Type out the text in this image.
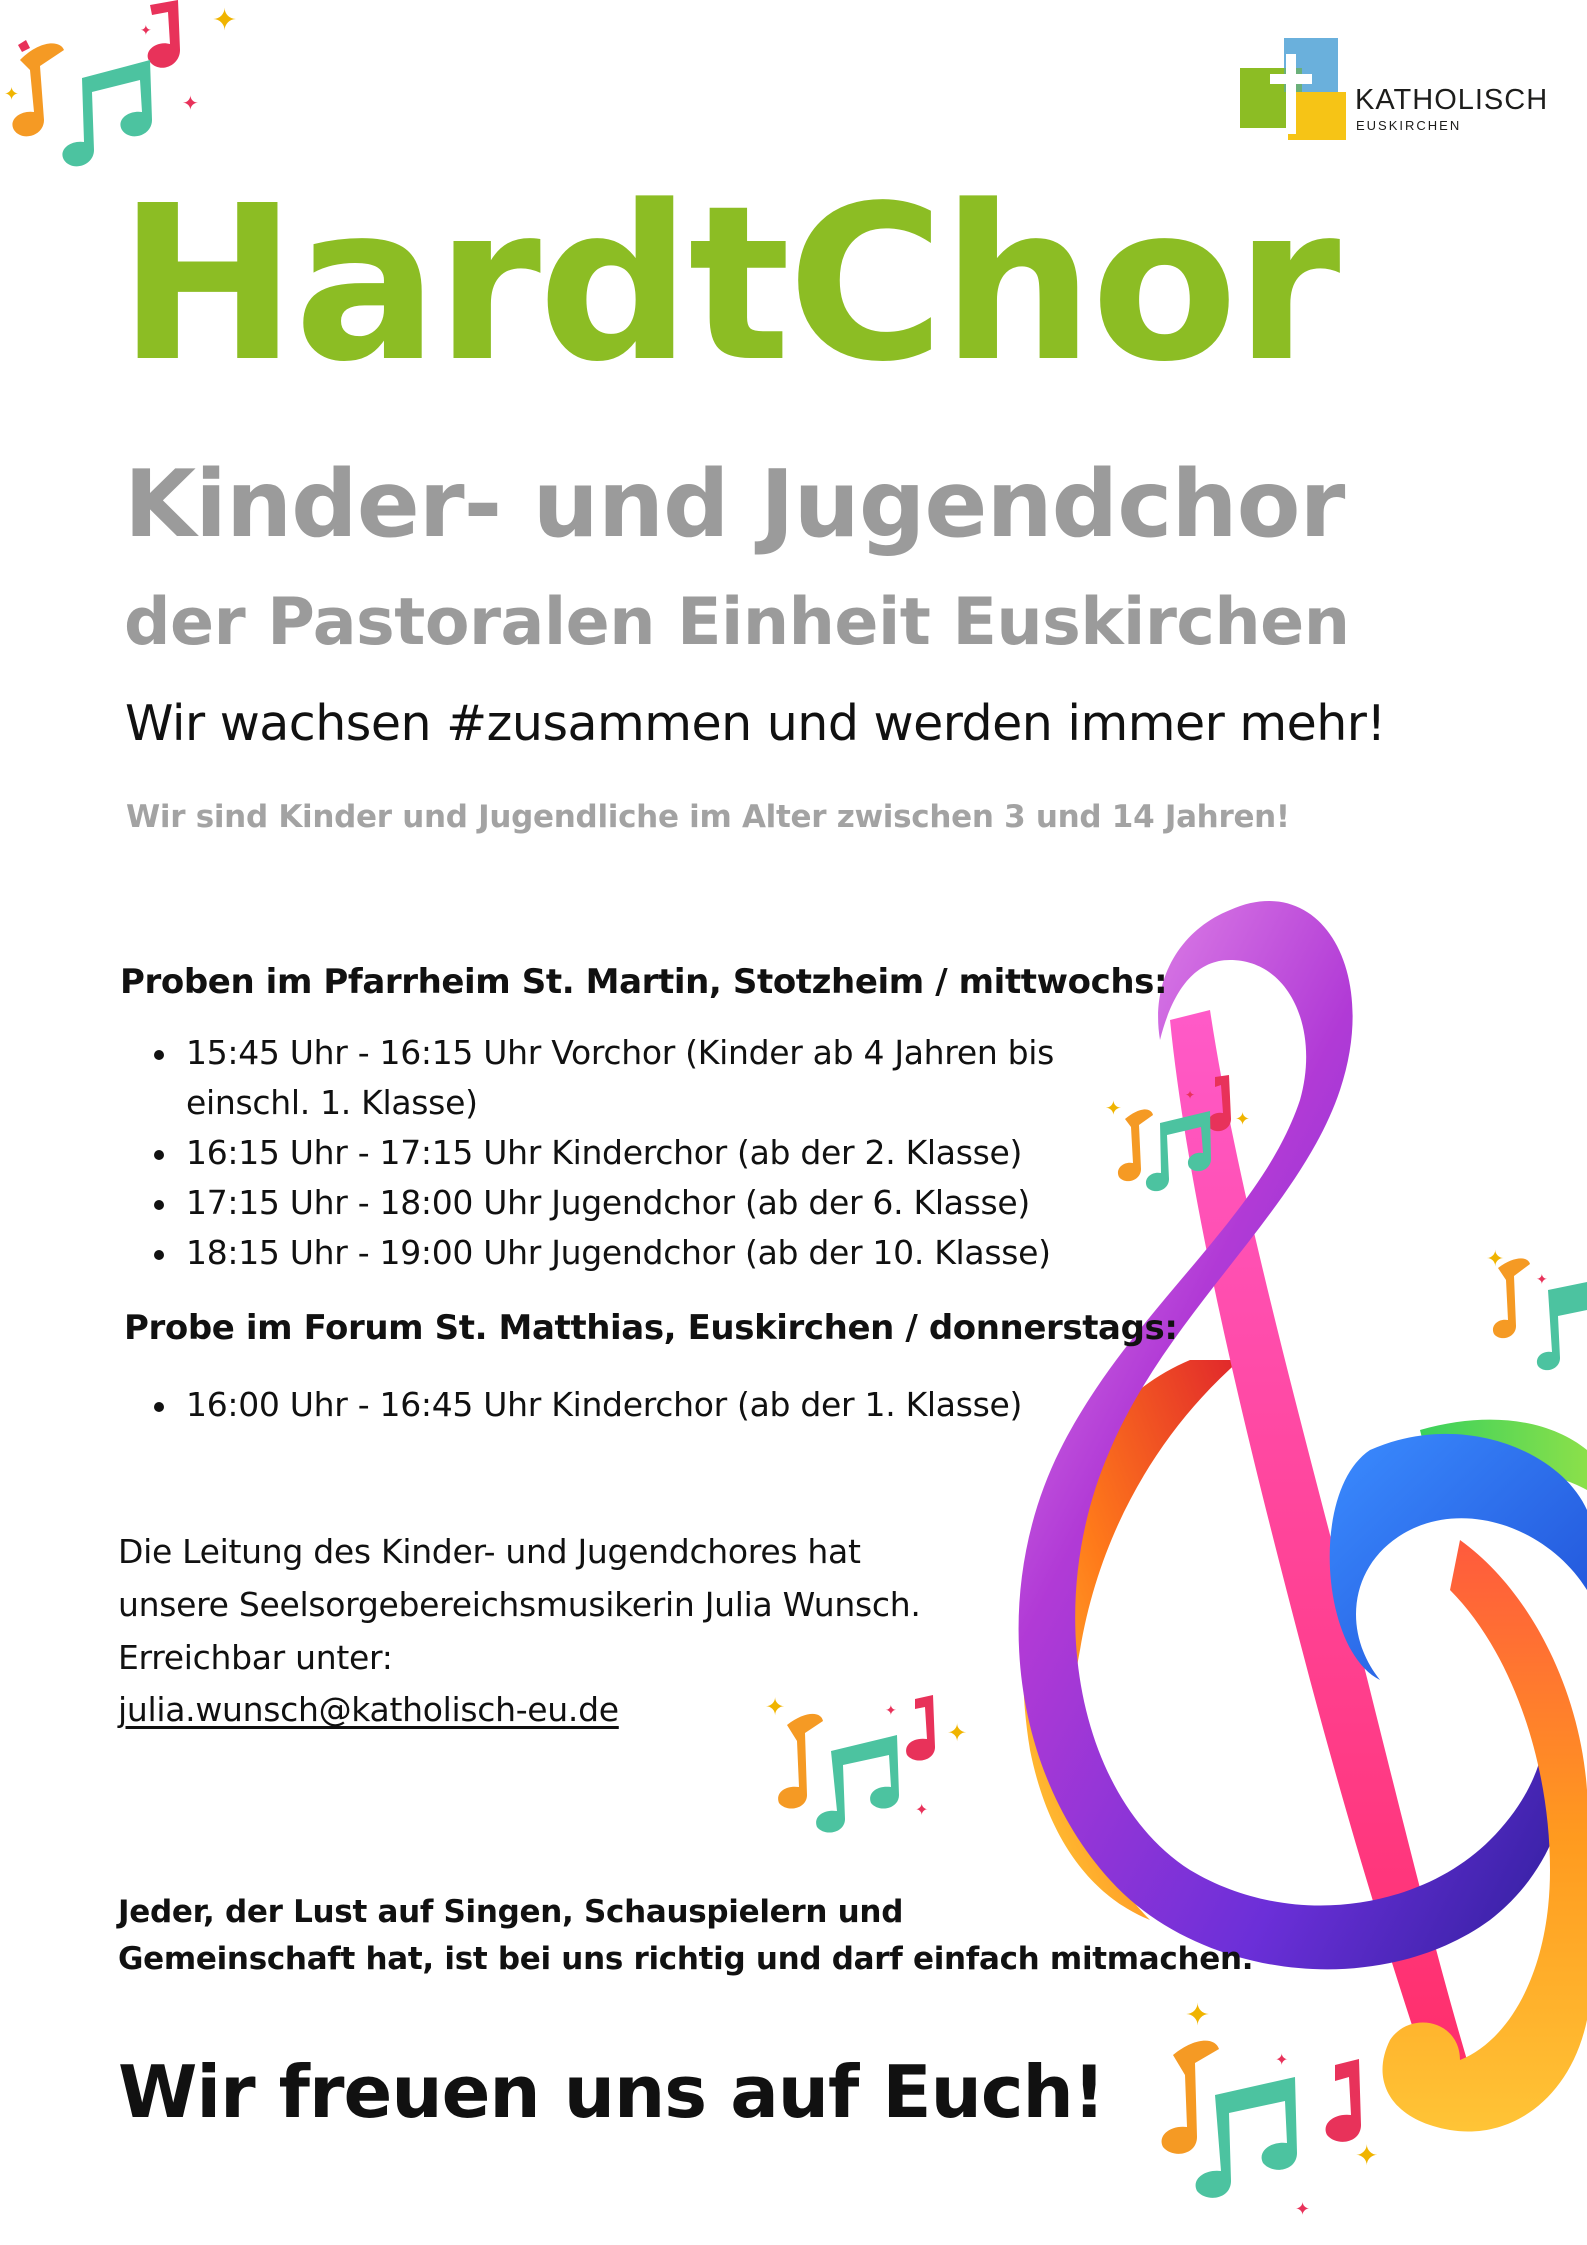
✦
✦
✦
✦
✦	✦
✦
✦
✦
✦
✦
✦
✦
✦
✦
✦
✦
KATHOLISCH
EUSKIRCHEN
HardtChor
Kinder- und Jugendchor
der Pastoralen Einheit Euskirchen
Wir wachsen #zusammen und werden immer mehr!
Wir sind Kinder und Jugendliche im Alter zwischen 3 und 14 Jahren!
Proben im Pfarrheim St. Martin, Stotzheim / mittwochs:
15:45 Uhr - 16:15 Uhr Vorchor (Kinder ab 4 Jahren bis
einschl. 1. Klasse)
16:15 Uhr - 17:15 Uhr Kinderchor (ab der 2. Klasse)
17:15 Uhr - 18:00 Uhr Jugendchor (ab der 6. Klasse)
18:15 Uhr - 19:00 Uhr Jugendchor (ab der 10. Klasse)
Probe im Forum St. Matthias, Euskirchen / donnerstags:
16:00 Uhr - 16:45 Uhr Kinderchor (ab der 1. Klasse)
Die Leitung des Kinder- und Jugendchores hat
unsere Seelsorgebereichsmusikerin Julia Wunsch.
Erreichbar unter:
julia.wunsch@katholisch-eu.de
Jeder, der Lust auf Singen, Schauspielern und
Gemeinschaft hat, ist bei uns richtig und darf einfach mitmachen.
Wir freuen uns auf Euch!
